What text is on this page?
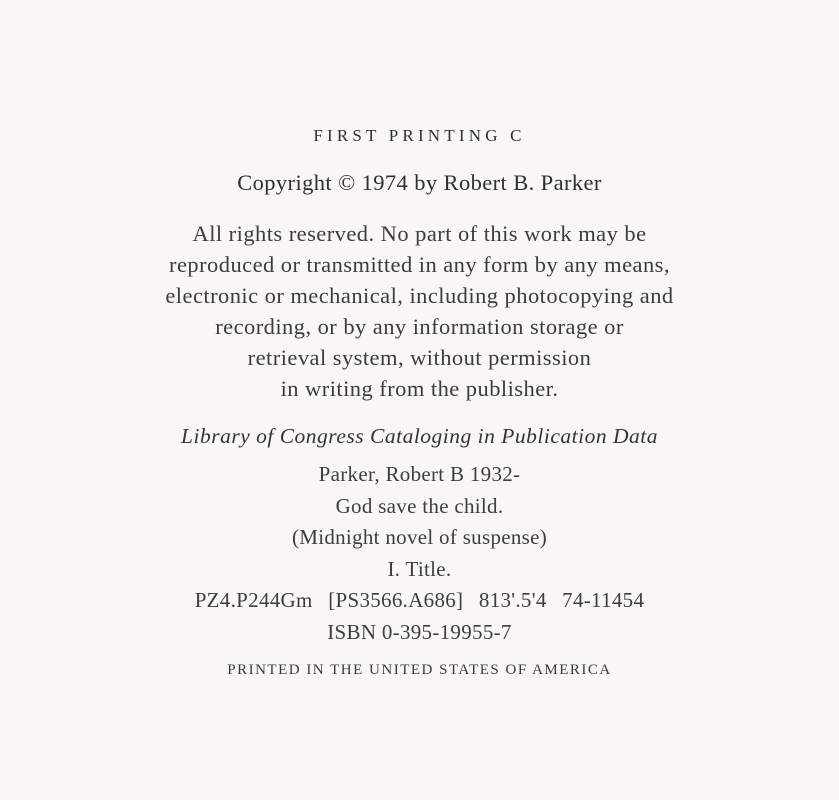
FIRST PRINTING C

Copyright © 1974 by Robert B. Parker

All rights reserved. No part of this work may be
reproduced or transmitted in any form by any means,
electronic or mechanical, including photocopying and
recording, or by any information storage or
retrieval system, without permission
in writing from the publisher.

Library of Congress Cataloging in Publication Data

Parker, Robert B 1932-
God save the child.
(Midnight novel of suspense)
I. Title.
PZ4.P244Gm [PS3566.A686] 813'.5'4 74-11454
ISBN 0-395-19955-7

PRINTED IN THE UNITED STATES OF AMERICA
